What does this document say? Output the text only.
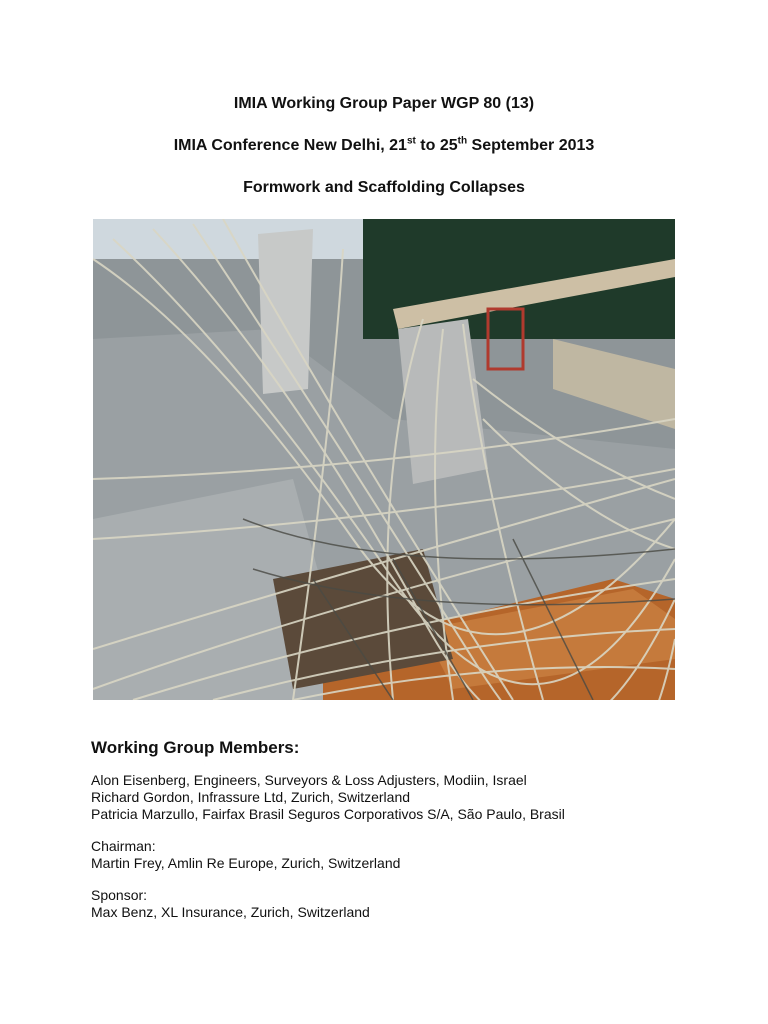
IMIA Working Group Paper WGP 80 (13)
IMIA Conference New Delhi, 21st to 25th September 2013
Formwork and Scaffolding Collapses
Working Group Members:
Alon Eisenberg, Engineers, Surveyors & Loss Adjusters, Modiin, Israel
Richard Gordon, Infrassure Ltd, Zurich, Switzerland
Patricia Marzullo, Fairfax Brasil Seguros Corporativos S/A, São Paulo, Brasil
Chairman:
Martin Frey, Amlin Re Europe, Zurich, Switzerland
Sponsor:
Max Benz, XL Insurance, Zurich, Switzerland
